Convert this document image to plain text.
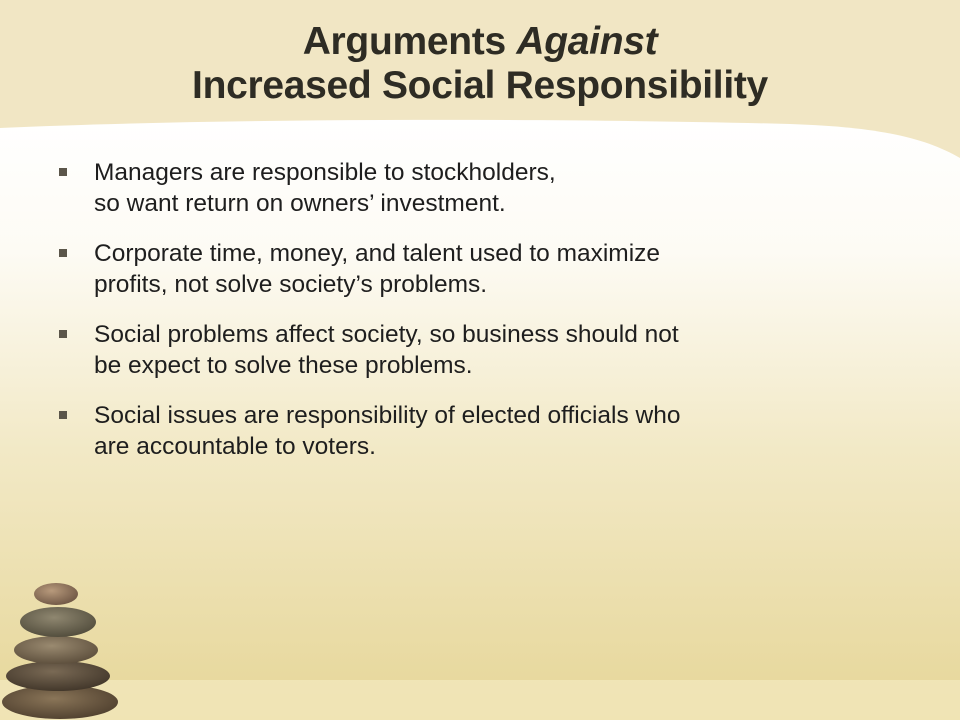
Arguments Against
Increased Social Responsibility
Managers are responsible to stockholders,
so want return on owners’ investment.
Corporate time, money, and talent used to maximize
profits, not solve society’s problems.
Social problems affect society, so business should not
be expect to solve these problems.
Social issues are responsibility of elected officials who
are accountable to voters.
